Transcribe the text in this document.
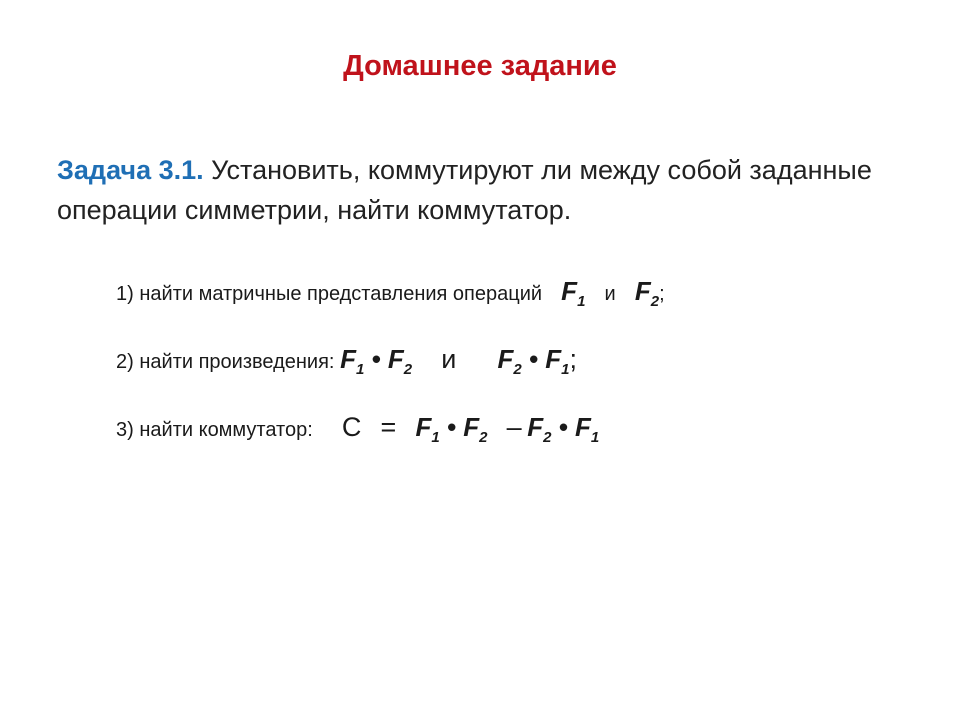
Домашнее задание
Задача 3.1. Установить, коммутируют ли между собой заданные операции симметрии, найти коммутатор.
1) найти матричные представления операций $F_1$ и $F_2$;
2) найти произведения: $F_1$ • $F_2$ и $F_2$ • $F_1$;
3) найти коммутатор: $С = F_1$ • $F_2 - F_2$ • $F_1$
